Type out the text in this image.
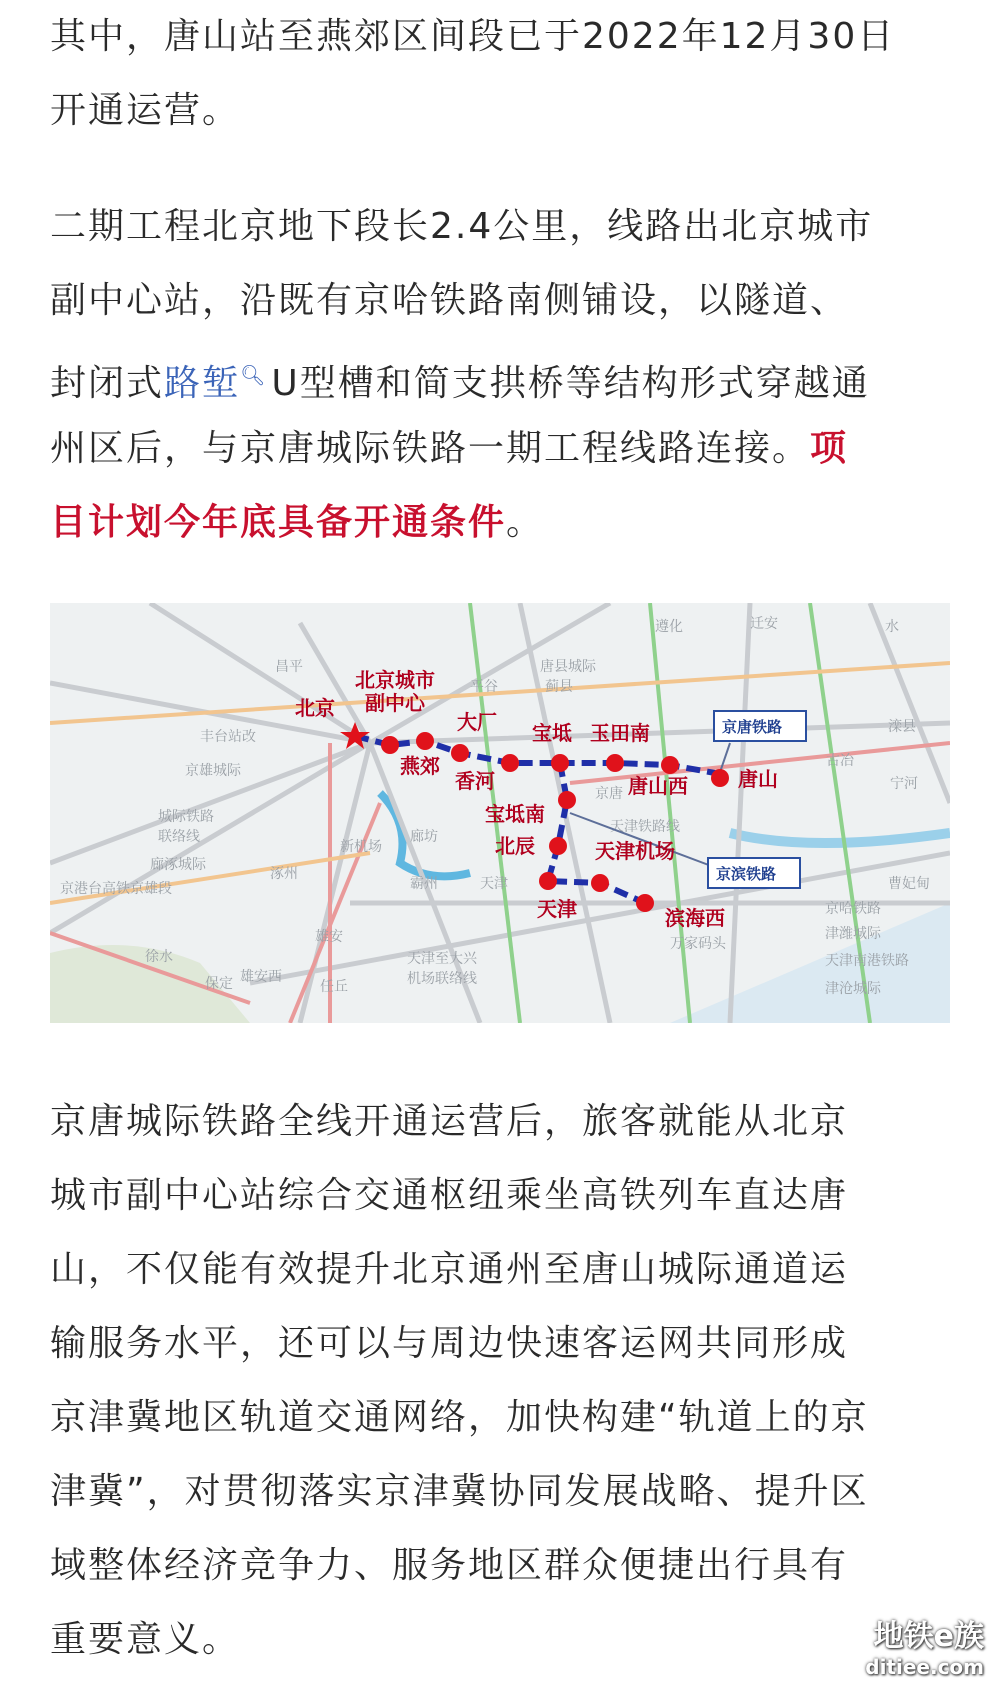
其中，唐山站至燕郊区间段已于2022年12月30日
开通运营。
二期工程北京地下段长2.4公里，线路出北京城市
副中心站，沿既有京哈铁路南侧铺设，以隧道、
封闭式路堑🔍︎ U型槽和简支拱桥等结构形式穿越通
州区后，与京唐城际铁路一期工程线路连接。项
目计划今年底具备开通条件。
遵化	迁安	水
滦县
平谷
唐县城际
蓟县
昌平
丰台站改
京雄城际
城际铁路
联络线
廊涿城际
京港台高铁京雄段
新机场
廊坊
霸州
涿州
天津
雄安
徐水
保定 雄安西
任丘
天津至大兴
机场联络线
天津铁路线
曹妃甸
京哈铁路
津潍城际
天津南港铁路
津沧城际
万家码头
古冶
京唐
宁河
北京
北京城市
副中心
燕郊
大厂
香河
宝坻 玉田南
唐山西	唐山
宝坻南
北辰	天津机场
天津	滨海西
京唐铁路
京滨铁路
京唐城际铁路全线开通运营后，旅客就能从北京
城市副中心站综合交通枢纽乘坐高铁列车直达唐
山，不仅能有效提升北京通州至唐山城际通道运
输服务水平，还可以与周边快速客运网共同形成
京津冀地区轨道交通网络，加快构建“轨道上的京
津冀”，对贯彻落实京津冀协同发展战略、提升区
域整体经济竞争力、服务地区群众便捷出行具有
重要意义。	地铁e族
ditiee.com
